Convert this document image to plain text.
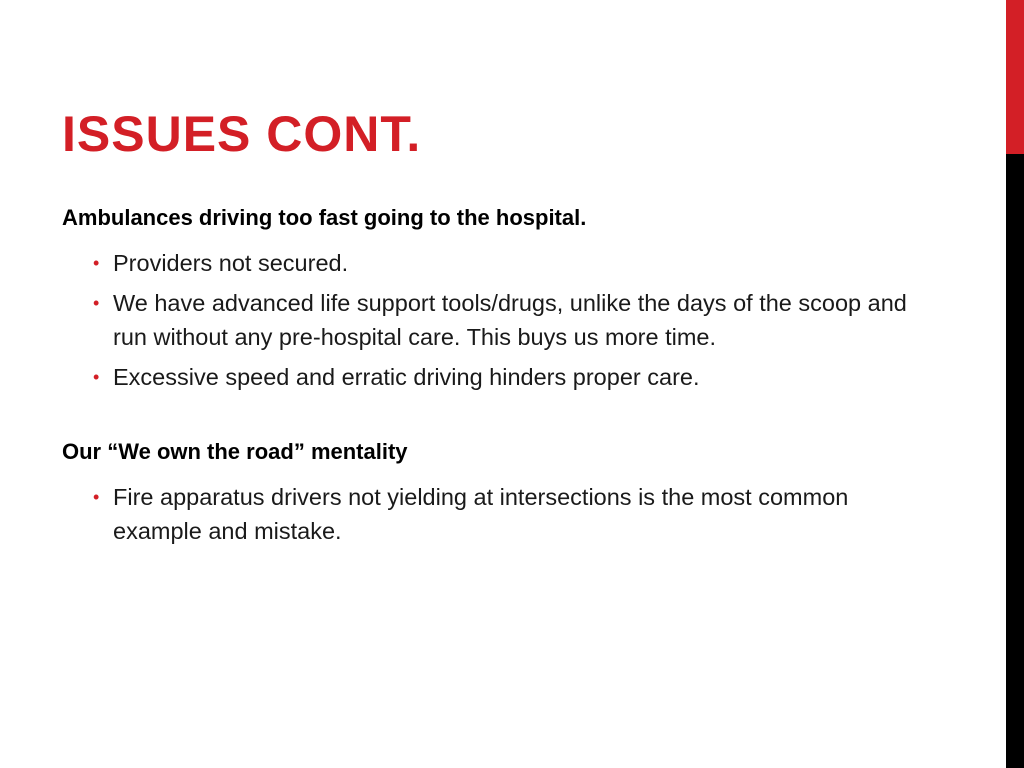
ISSUES CONT.

Ambulances driving too fast going to the hospital.

• Providers not secured.
• We have advanced life support tools/drugs, unlike the days of the scoop and run without any pre-hospital care. This buys us more time.
• Excessive speed and erratic driving hinders proper care.

Our “We own the road” mentality

• Fire apparatus drivers not yielding at intersections is the most common example and mistake.
